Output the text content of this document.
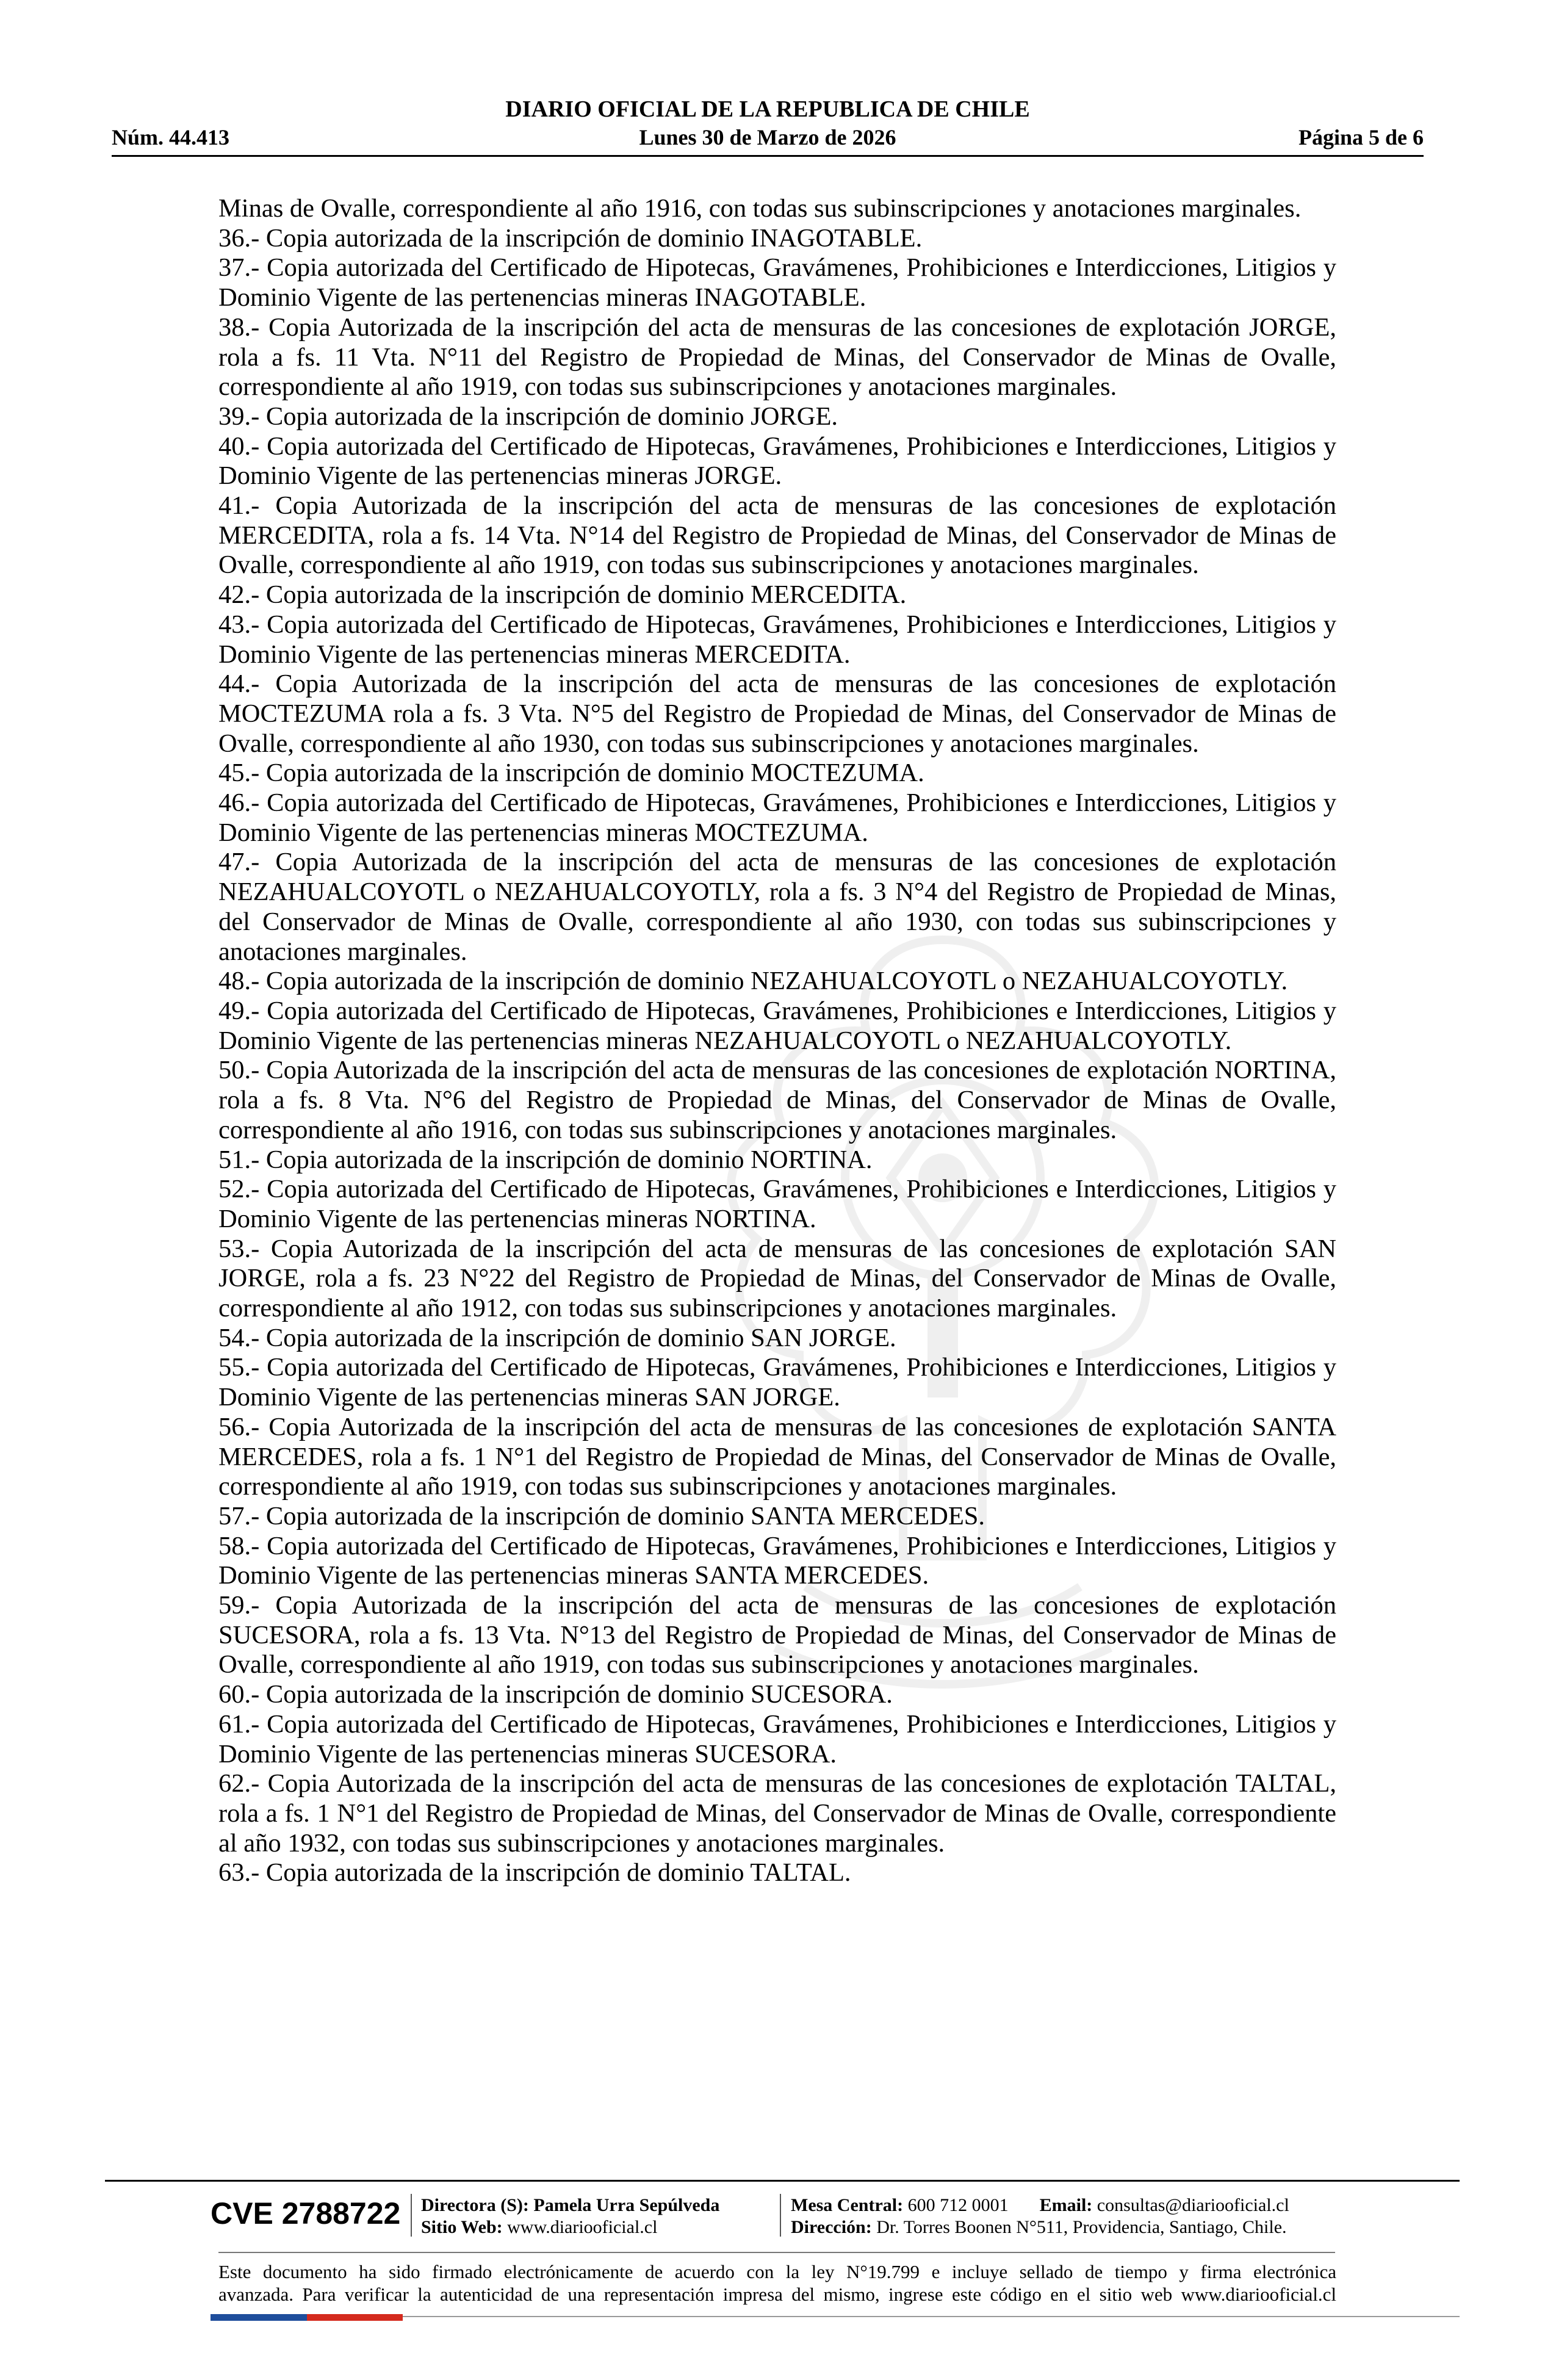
DIARIO OFICIAL DE LA REPUBLICA DE CHILE
Núm. 44.413	Lunes 30 de Marzo de 2026	Página 5 de 6

Minas de Ovalle, correspondiente al año 1916, con todas sus subinscripciones y anotaciones marginales.

36.- Copia autorizada de la inscripción de dominio INAGOTABLE.

37.- Copia autorizada del Certificado de Hipotecas, Gravámenes, Prohibiciones e Interdicciones, Litigios y Dominio Vigente de las pertenencias mineras INAGOTABLE.

38.- Copia Autorizada de la inscripción del acta de mensuras de las concesiones de explotación JORGE, rola a fs. 11 Vta. N°11 del Registro de Propiedad de Minas, del Conservador de Minas de Ovalle, correspondiente al año 1919, con todas sus subinscripciones y anotaciones marginales.

39.- Copia autorizada de la inscripción de dominio JORGE.

40.- Copia autorizada del Certificado de Hipotecas, Gravámenes, Prohibiciones e Interdicciones, Litigios y Dominio Vigente de las pertenencias mineras JORGE.

41.- Copia Autorizada de la inscripción del acta de mensuras de las concesiones de explotación MERCEDITA, rola a fs. 14 Vta. N°14 del Registro de Propiedad de Minas, del Conservador de Minas de Ovalle, correspondiente al año 1919, con todas sus subinscripciones y anotaciones marginales.

42.- Copia autorizada de la inscripción de dominio MERCEDITA.

43.- Copia autorizada del Certificado de Hipotecas, Gravámenes, Prohibiciones e Interdicciones, Litigios y Dominio Vigente de las pertenencias mineras MERCEDITA.

44.- Copia Autorizada de la inscripción del acta de mensuras de las concesiones de explotación MOCTEZUMA rola a fs. 3 Vta. N°5 del Registro de Propiedad de Minas, del Conservador de Minas de Ovalle, correspondiente al año 1930, con todas sus subinscripciones y anotaciones marginales.

45.- Copia autorizada de la inscripción de dominio MOCTEZUMA.

46.- Copia autorizada del Certificado de Hipotecas, Gravámenes, Prohibiciones e Interdicciones, Litigios y Dominio Vigente de las pertenencias mineras MOCTEZUMA.

47.- Copia Autorizada de la inscripción del acta de mensuras de las concesiones de explotación NEZAHUALCOYOTL o NEZAHUALCOYOTLY, rola a fs. 3 N°4 del Registro de Propiedad de Minas, del Conservador de Minas de Ovalle, correspondiente al año 1930, con todas sus subinscripciones y anotaciones marginales.

48.- Copia autorizada de la inscripción de dominio NEZAHUALCOYOTL o NEZAHUALCOYOTLY.

49.- Copia autorizada del Certificado de Hipotecas, Gravámenes, Prohibiciones e Interdicciones, Litigios y Dominio Vigente de las pertenencias mineras NEZAHUALCOYOTL o NEZAHUALCOYOTLY.

50.- Copia Autorizada de la inscripción del acta de mensuras de las concesiones de explotación NORTINA, rola a fs. 8 Vta. N°6 del Registro de Propiedad de Minas, del Conservador de Minas de Ovalle, correspondiente al año 1916, con todas sus subinscripciones y anotaciones marginales.

51.- Copia autorizada de la inscripción de dominio NORTINA.

52.- Copia autorizada del Certificado de Hipotecas, Gravámenes, Prohibiciones e Interdicciones, Litigios y Dominio Vigente de las pertenencias mineras NORTINA.

53.- Copia Autorizada de la inscripción del acta de mensuras de las concesiones de explotación SAN JORGE, rola a fs. 23 N°22 del Registro de Propiedad de Minas, del Conservador de Minas de Ovalle, correspondiente al año 1912, con todas sus subinscripciones y anotaciones marginales.

54.- Copia autorizada de la inscripción de dominio SAN JORGE.

55.- Copia autorizada del Certificado de Hipotecas, Gravámenes, Prohibiciones e Interdicciones, Litigios y Dominio Vigente de las pertenencias mineras SAN JORGE.

56.- Copia Autorizada de la inscripción del acta de mensuras de las concesiones de explotación SANTA MERCEDES, rola a fs. 1 N°1 del Registro de Propiedad de Minas, del Conservador de Minas de Ovalle, correspondiente al año 1919, con todas sus subinscripciones y anotaciones marginales.

57.- Copia autorizada de la inscripción de dominio SANTA MERCEDES.

58.- Copia autorizada del Certificado de Hipotecas, Gravámenes, Prohibiciones e Interdicciones, Litigios y Dominio Vigente de las pertenencias mineras SANTA MERCEDES.

59.- Copia Autorizada de la inscripción del acta de mensuras de las concesiones de explotación SUCESORA, rola a fs. 13 Vta. N°13 del Registro de Propiedad de Minas, del Conservador de Minas de Ovalle, correspondiente al año 1919, con todas sus subinscripciones y anotaciones marginales.

60.- Copia autorizada de la inscripción de dominio SUCESORA.

61.- Copia autorizada del Certificado de Hipotecas, Gravámenes, Prohibiciones e Interdicciones, Litigios y Dominio Vigente de las pertenencias mineras SUCESORA.

62.- Copia Autorizada de la inscripción del acta de mensuras de las concesiones de explotación TALTAL, rola a fs. 1 N°1 del Registro de Propiedad de Minas, del Conservador de Minas de Ovalle, correspondiente al año 1932, con todas sus subinscripciones y anotaciones marginales.

63.- Copia autorizada de la inscripción de dominio TALTAL.

CVE 2788722 Directora (S): Pamela Urra Sepúlveda
Sitio Web: www.diariooficial.cl
Mesa Central: 600 712 0001 Email: consultas@diariooficial.cl
Dirección: Dr. Torres Boonen N°511, Providencia, Santiago, Chile.

Este documento ha sido firmado electrónicamente de acuerdo con la ley N°19.799 e incluye sellado de tiempo y firma electrónica

avanzada. Para verificar la autenticidad de una representación impresa del mismo, ingrese este código en el sitio web www.diariooficial.cl
